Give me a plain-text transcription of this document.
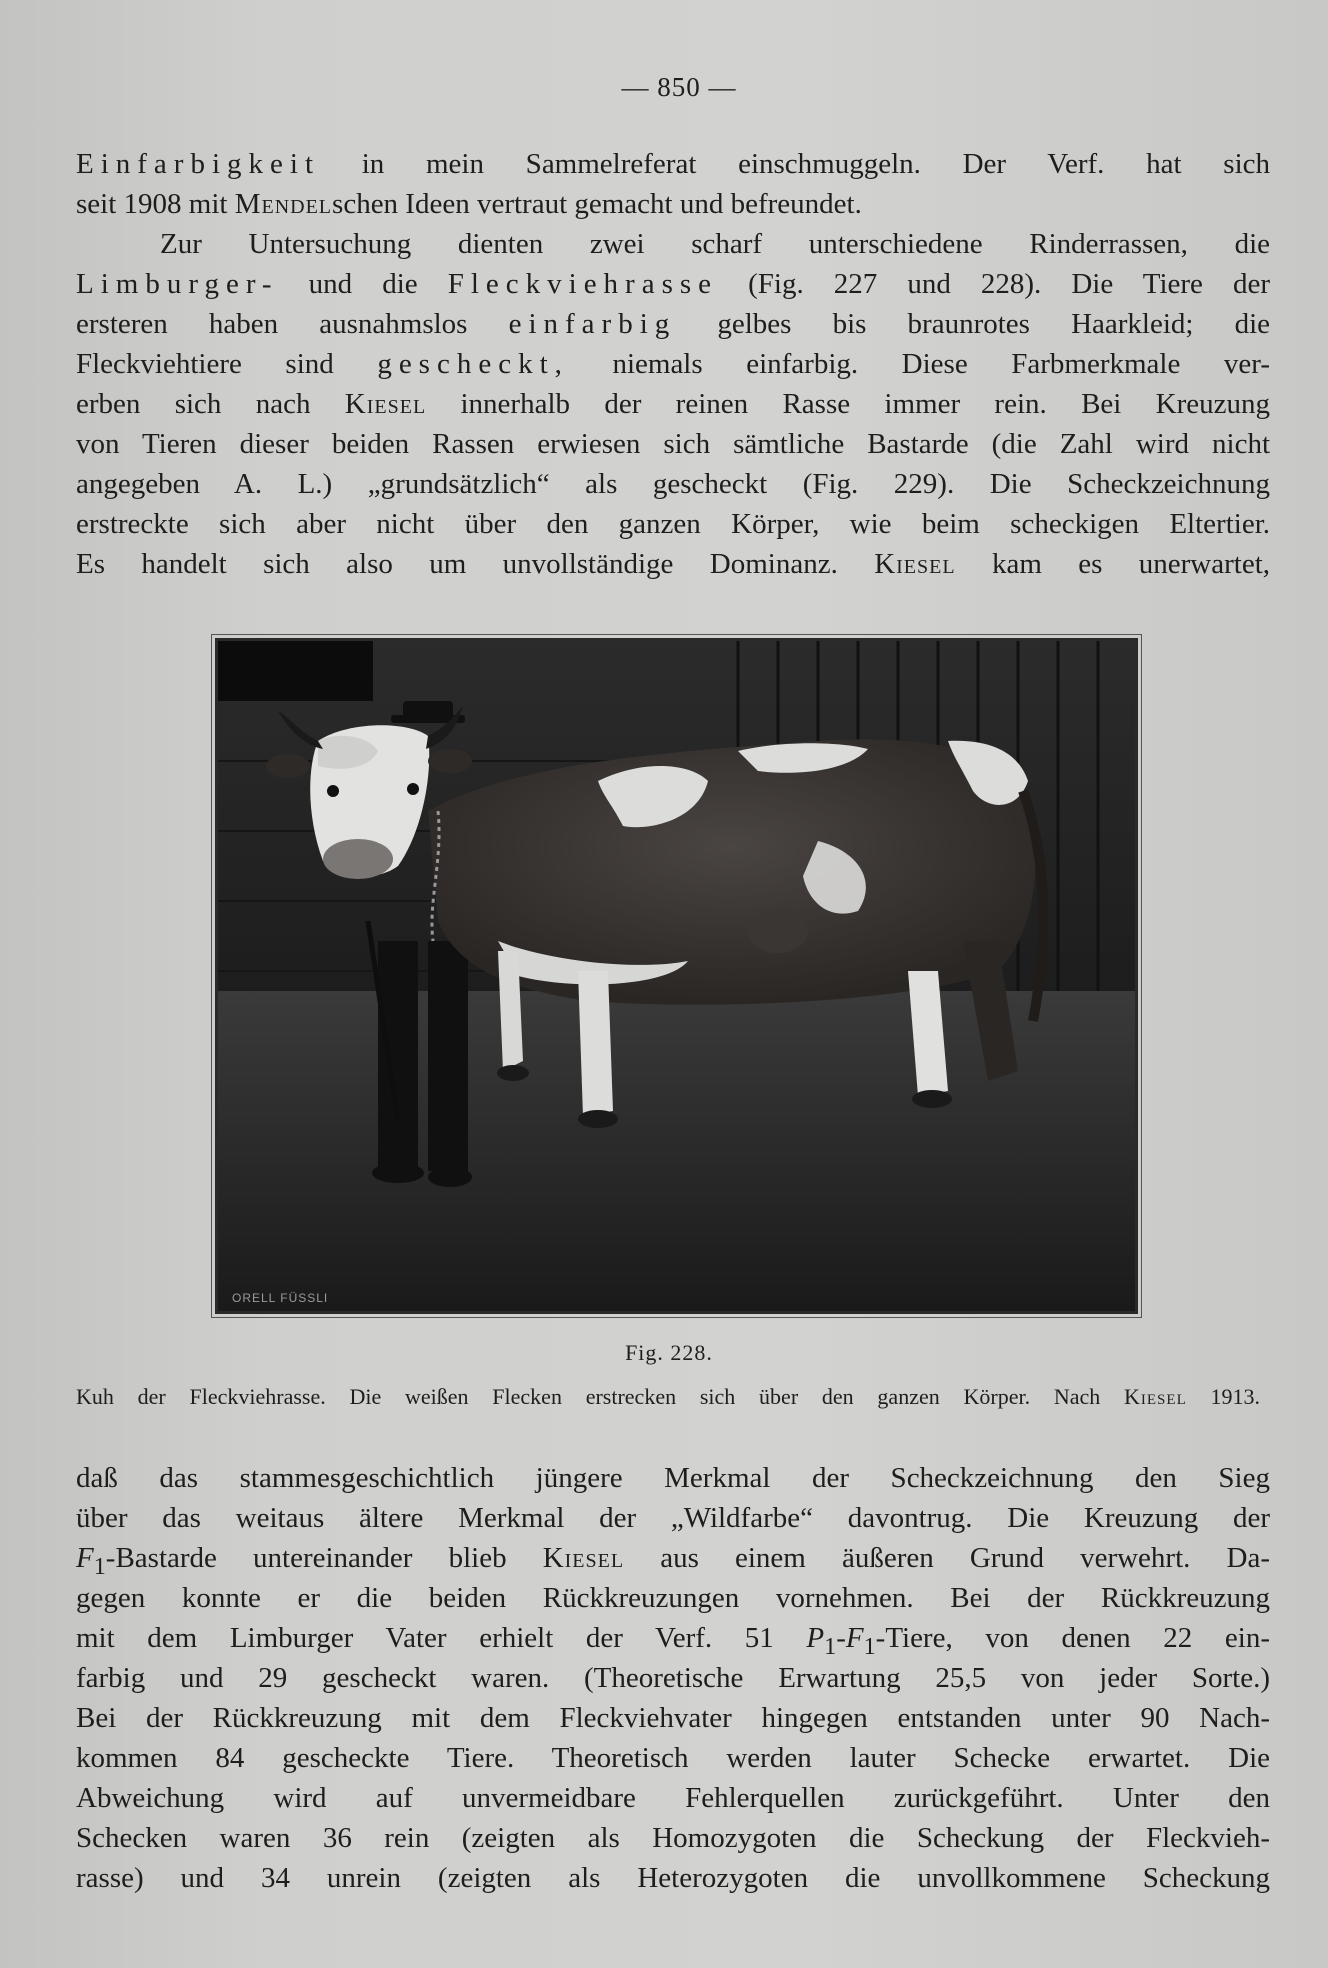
— 850 —
Einfarbigkeit in mein Sammelreferat einschmuggeln. Der Verf. hat sich
seit 1908 mit Mendelschen Ideen vertraut gemacht und befreundet.
Zur Untersuchung dienten zwei scharf unterschiedene Rinderrassen, die
Limburger- und die Fleckviehrasse (Fig. 227 und 228). Die Tiere der
ersteren haben ausnahmslos einfarbig gelbes bis braunrotes Haarkleid; die
Fleckviehtiere sind gescheckt, niemals einfarbig. Diese Farbmerkmale ver-
erben sich nach Kiesel innerhalb der reinen Rasse immer rein. Bei Kreuzung
von Tieren dieser beiden Rassen erwiesen sich sämtliche Bastarde (die Zahl wird nicht
angegeben A. L.) „grundsätzlich“ als gescheckt (Fig. 229). Die Scheckzeichnung
erstreckte sich aber nicht über den ganzen Körper, wie beim scheckigen Eltertier.
Es handelt sich also um unvollständige Dominanz. Kiesel kam es unerwartet,
ORELL FÜSSLI
Fig. 228.
Kuh der Fleckviehrasse. Die weißen Flecken erstrecken sich über den ganzen Körper. Nach Kiesel 1913.
daß das stammesgeschichtlich jüngere Merkmal der Scheckzeichnung den Sieg
über das weitaus ältere Merkmal der „Wildfarbe“ davontrug. Die Kreuzung der
$F_1$-Bastarde untereinander blieb Kiesel aus einem äußeren Grund verwehrt. Da-
gegen konnte er die beiden Rückkreuzungen vornehmen. Bei der Rückkreuzung
mit dem Limburger Vater erhielt der Verf. 51 $P_1-F_1$-Tiere, von denen 22 ein-
farbig und 29 gescheckt waren. (Theoretische Erwartung 25,5 von jeder Sorte.)
Bei der Rückkreuzung mit dem Fleckviehvater hingegen entstanden unter 90 Nach-
kommen 84 gescheckte Tiere. Theoretisch werden lauter Schecke erwartet. Die
Abweichung wird auf unvermeidbare Fehlerquellen zurückgeführt. Unter den
Schecken waren 36 rein (zeigten als Homozygoten die Scheckung der Fleckvieh-
rasse) und 34 unrein (zeigten als Heterozygoten die unvollkommene Scheckung
